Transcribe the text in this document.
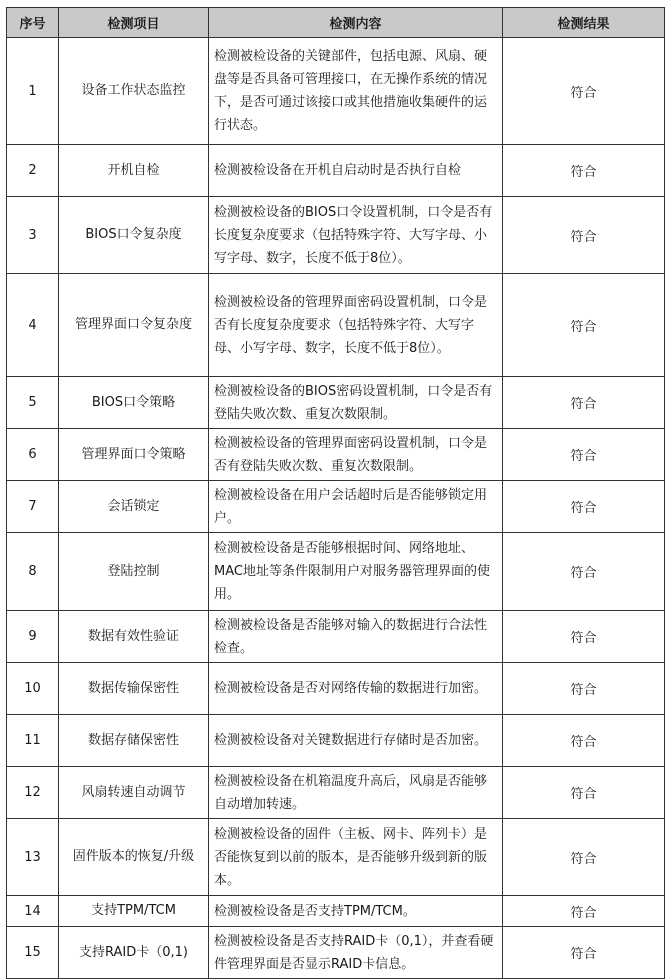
序号	检测项目	检测内容	检测结果
1	设备工作状态监控	检测被检设备的关键部件，包括电源、风扇、硬盘等是否具备可管理接口，在无操作系统的情况下，是否可通过该接口或其他措施收集硬件的运行状态。	符合
2	开机自检	检测被检设备在开机自启动时是否执行自检	符合
3	BIOS口令复杂度	检测被检设备的BIOS口令设置机制，口令是否有长度复杂度要求（包括特殊字符、大写字母、小写字母、数字，长度不低于8位）。	符合
4	管理界面口令复杂度	检测被检设备的管理界面密码设置机制，口令是否有长度复杂度要求（包括特殊字符、大写字母、小写字母、数字，长度不低于8位）。	符合
5	BIOS口令策略	检测被检设备的BIOS密码设置机制，口令是否有登陆失败次数、重复次数限制。	符合
6	管理界面口令策略	检测被检设备的管理界面密码设置机制，口令是否有登陆失败次数、重复次数限制。	符合
7	会话锁定	检测被检设备在用户会话超时后是否能够锁定用户。	符合
8	登陆控制	检测被检设备是否能够根据时间、网络地址、MAC地址等条件限制用户对服务器管理界面的使用。	符合
9	数据有效性验证	检测被检设备是否能够对输入的数据进行合法性检查。	符合
10	数据传输保密性	检测被检设备是否对网络传输的数据进行加密。	符合
11	数据存储保密性	检测被检设备对关键数据进行存储时是否加密。	符合
12	风扇转速自动调节	检测被检设备在机箱温度升高后，风扇是否能够自动增加转速。	符合
13	固件版本的恢复/升级	检测被检设备的固件（主板、网卡、阵列卡）是否能恢复到以前的版本，是否能够升级到新的版本。	符合
14	支持TPM/TCM	检测被检设备是否支持TPM/TCM。	符合
15	支持RAID卡（0,1)	检测被检设备是否支持RAID卡（0,1），并查看硬件管理界面是否显示RAID卡信息。	符合
